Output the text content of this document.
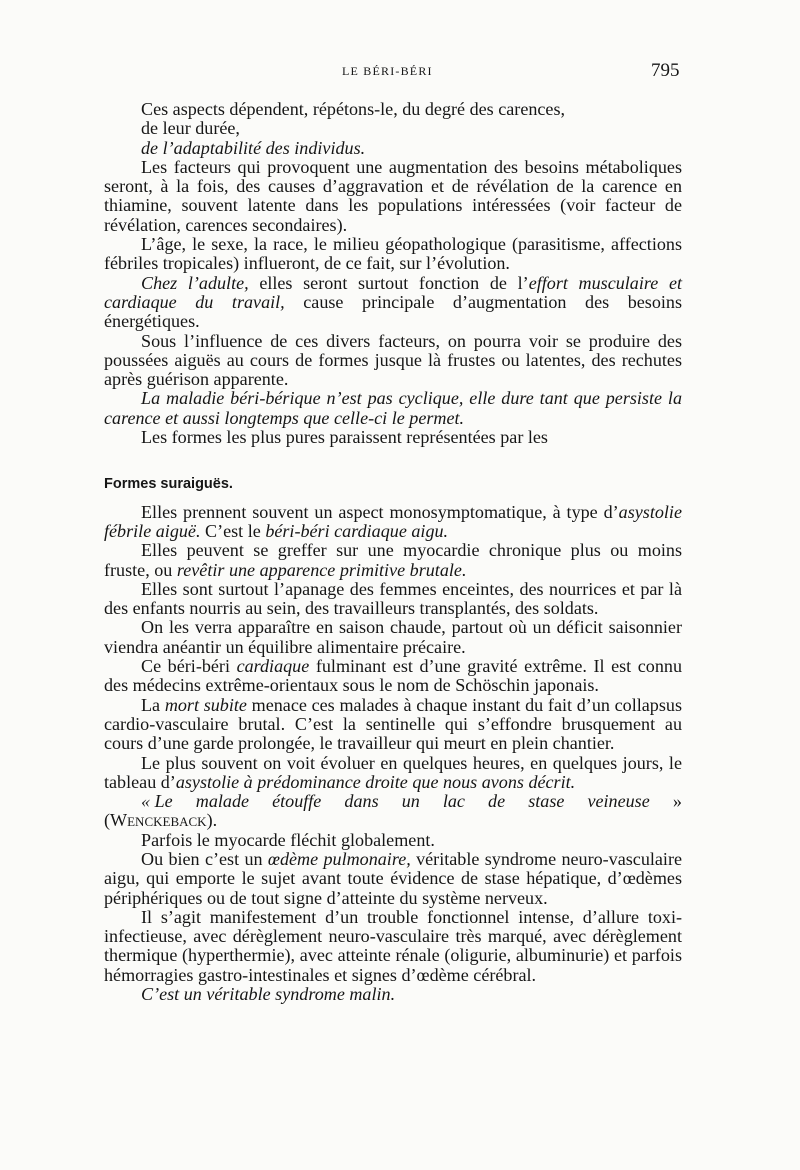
LE BÉRI-BÉRI	795

Ces aspects dépendent, répétons-le, du degré des carences,

de leur durée,

de l’adaptabilité des individus.

Les facteurs qui provoquent une augmentation des besoins métaboliques seront, à la fois, des causes d’aggravation et de révélation de la carence en thiamine, souvent latente dans les populations intéressées (voir facteur de révélation, carences secondaires).

L’âge, le sexe, la race, le milieu géopathologique (parasitisme, affections fébriles tropicales) influeront, de ce fait, sur l’évolution.

Chez l’adulte, elles seront surtout fonction de l’effort musculaire et cardiaque du travail, cause principale d’augmentation des besoins énergétiques.

Sous l’influence de ces divers facteurs, on pourra voir se produire des poussées aiguës au cours de formes jusque là frustes ou latentes, des rechutes après guérison apparente.

La maladie béri-bérique n’est pas cyclique, elle dure tant que persiste la carence et aussi longtemps que celle-ci le permet.

Les formes les plus pures paraissent représentées par les

Formes suraiguës.

Elles prennent souvent un aspect monosymptomatique, à type d’asystolie fébrile aiguë. C’est le béri-béri cardiaque aigu.

Elles peuvent se greffer sur une myocardie chronique plus ou moins fruste, ou revêtir une apparence primitive brutale.

Elles sont surtout l’apanage des femmes enceintes, des nourrices et par là des enfants nourris au sein, des travailleurs transplantés, des soldats.

On les verra apparaître en saison chaude, partout où un déficit saisonnier viendra anéantir un équilibre alimentaire précaire.

Ce béri-béri cardiaque fulminant est d’une gravité extrême. Il est connu des médecins extrême-orientaux sous le nom de Schöschin japonais.

La mort subite menace ces malades à chaque instant du fait d’un collapsus cardio-vasculaire brutal. C’est la sentinelle qui s’effondre brusquement au cours d’une garde prolongée, le travailleur qui meurt en plein chantier.

Le plus souvent on voit évoluer en quelques heures, en quelques jours, le tableau d’asystolie à prédominance droite que nous avons décrit.

« Le malade étouffe dans un lac de stase veineuse »

(Wenckeback).

Parfois le myocarde fléchit globalement.

Ou bien c’est un œdème pulmonaire, véritable syndrome neuro-vasculaire aigu, qui emporte le sujet avant toute évidence de stase hépatique, d’œdèmes périphériques ou de tout signe d’atteinte du système nerveux.

Il s’agit manifestement d’un trouble fonctionnel intense, d’allure toxi-infectieuse, avec dérèglement neuro-vasculaire très marqué, avec dérèglement thermique (hyperthermie), avec atteinte rénale (oligurie, albuminurie) et parfois hémorragies gastro-intestinales et signes d’œdème cérébral.

C’est un véritable syndrome malin.
